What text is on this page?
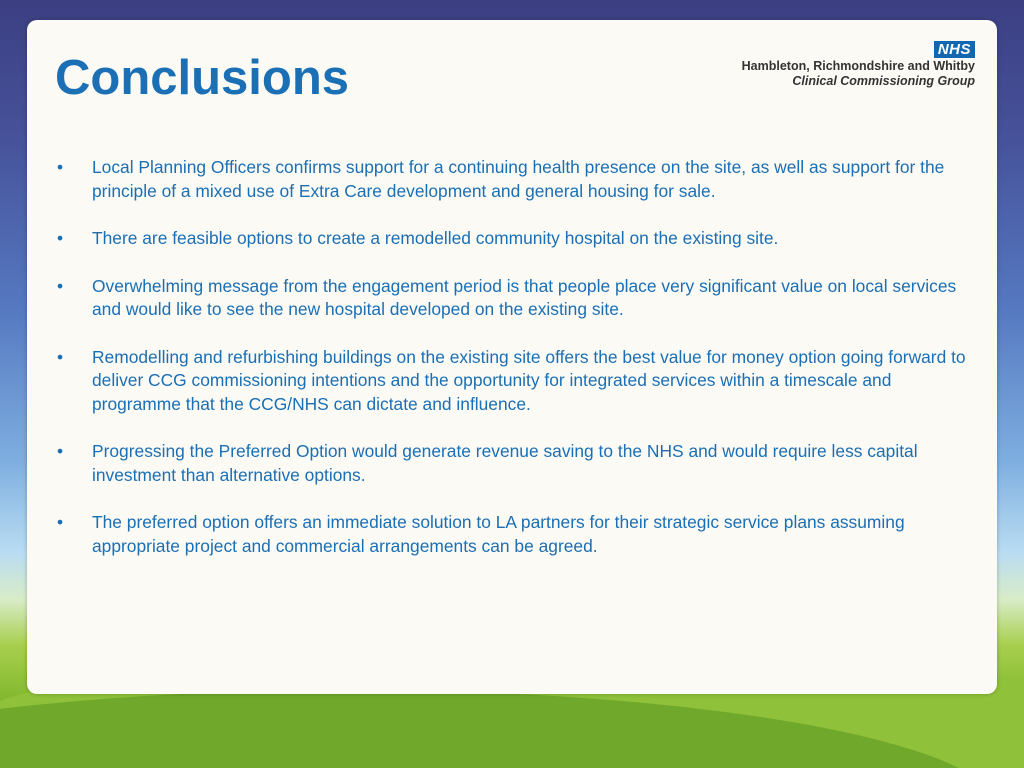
Conclusions
NHS
Hambleton, Richmondshire and Whitby
Clinical Commissioning Group
• Local Planning Officers confirms support for a continuing health presence on the site, as well as support for the principle of a mixed use of Extra Care development and general housing for sale.
• There are feasible options to create a remodelled community hospital on the existing site.
• Overwhelming message from the engagement period is that people place very significant value on local services and would like to see the new hospital developed on the existing site.
• Remodelling and refurbishing buildings on the existing site offers the best value for money option going forward to deliver CCG commissioning intentions and the opportunity for integrated services within a timescale and programme that the CCG/NHS can dictate and influence.
• Progressing the Preferred Option would generate revenue saving to the NHS and would require less capital investment than alternative options.
• The preferred option offers an immediate solution to LA partners for their strategic service plans assuming appropriate project and commercial arrangements can be agreed.
